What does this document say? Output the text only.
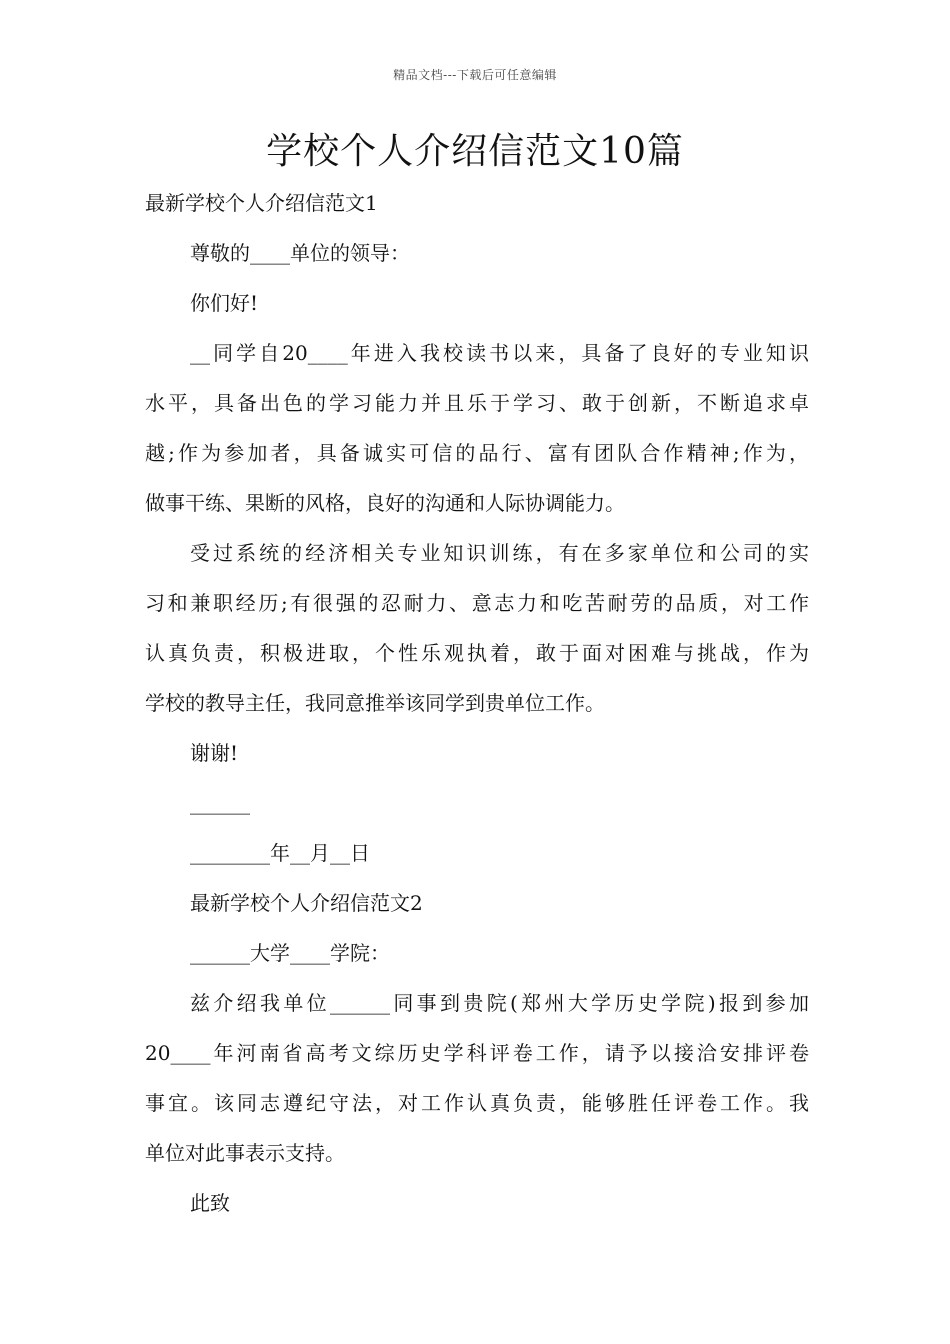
精品文档---下载后可任意编辑
学校个人介绍信范文10篇
最新学校个人介绍信范文1
尊敬的____单位的领导：
你们好!
__同学自20____年进入我校读书以来，具备了良好的专业知识
水平，具备出色的学习能力并且乐于学习、敢于创新，不断追求卓
越;作为参加者，具备诚实可信的品行、富有团队合作精神;作为，
做事干练、果断的风格，良好的沟通和人际协调能力。
受过系统的经济相关专业知识训练，有在多家单位和公司的实
习和兼职经历;有很强的忍耐力、意志力和吃苦耐劳的品质，对工作
认真负责，积极进取，个性乐观执着，敢于面对困难与挑战，作为
学校的教导主任，我同意推举该同学到贵单位工作。
谢谢!
______
________年__月__日
最新学校个人介绍信范文2
______大学____学院：
兹介绍我单位______同事到贵院(郑州大学历史学院)报到参加
20____年河南省高考文综历史学科评卷工作，请予以接洽安排评卷
事宜。该同志遵纪守法，对工作认真负责，能够胜任评卷工作。我
单位对此事表示支持。
此致
